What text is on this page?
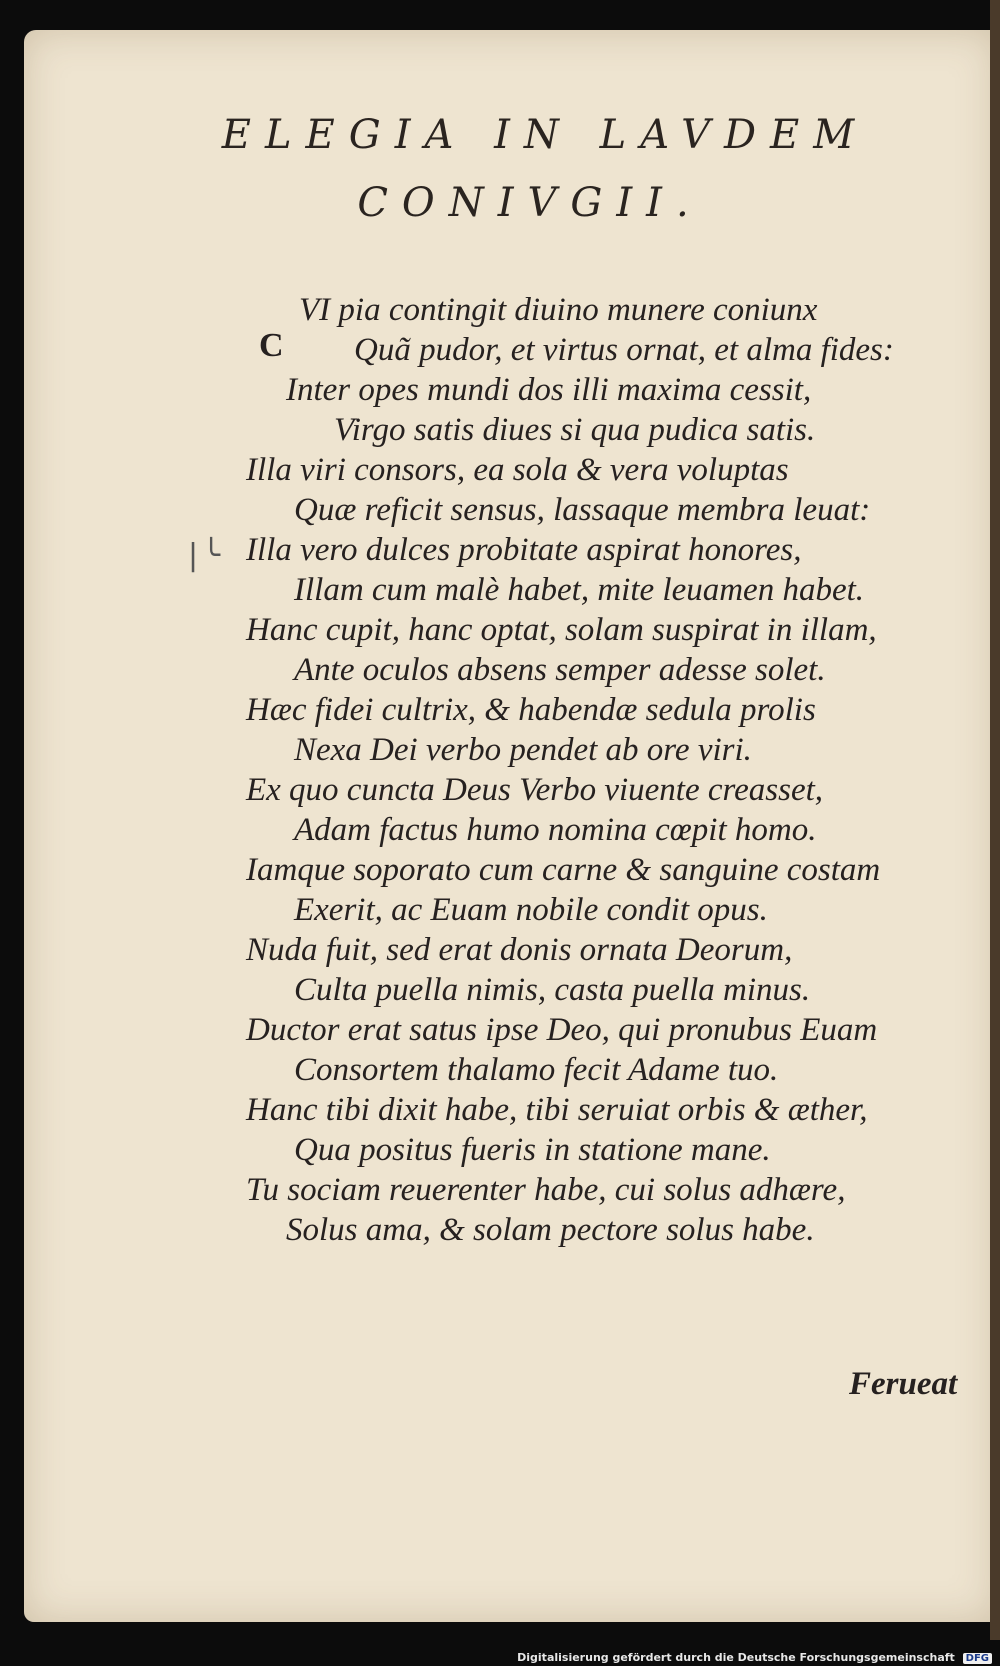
ELEGIA IN LAVDEM
CONIVGII.
C
|╰
VI pia contingit diuino munere coniunx
Quã pudor, et virtus ornat, et alma fides:
Inter opes mundi dos illi maxima cessit,
Virgo satis diues si qua pudica satis.
Illa viri consors, ea sola & vera voluptas
Quæ reficit sensus, lassaque membra leuat:
Illa vero dulces probitate aspirat honores,
Illam cum malè habet, mite leuamen habet.
Hanc cupit, hanc optat, solam suspirat in illam,
Ante oculos absens semper adesse solet.
Hæc fidei cultrix, & habendæ sedula prolis
Nexa Dei verbo pendet ab ore viri.
Ex quo cuncta Deus Verbo viuente creasset,
Adam factus humo nomina cœpit homo.
Iamque soporato cum carne & sanguine costam
Exerit, ac Euam nobile condit opus.
Nuda fuit, sed erat donis ornata Deorum,
Culta puella nimis, casta puella minus.
Ductor erat satus ipse Deo, qui pronubus Euam
Consortem thalamo fecit Adame tuo.
Hanc tibi dixit habe, tibi seruiat orbis & æther,
Qua positus fueris in statione mane.
Tu sociam reuerenter habe, cui solus adhære,
Solus ama, & solam pectore solus habe.
Ferueat
Digitalisierung gefördert durch die Deutsche Forschungsgemeinschaft DFG
